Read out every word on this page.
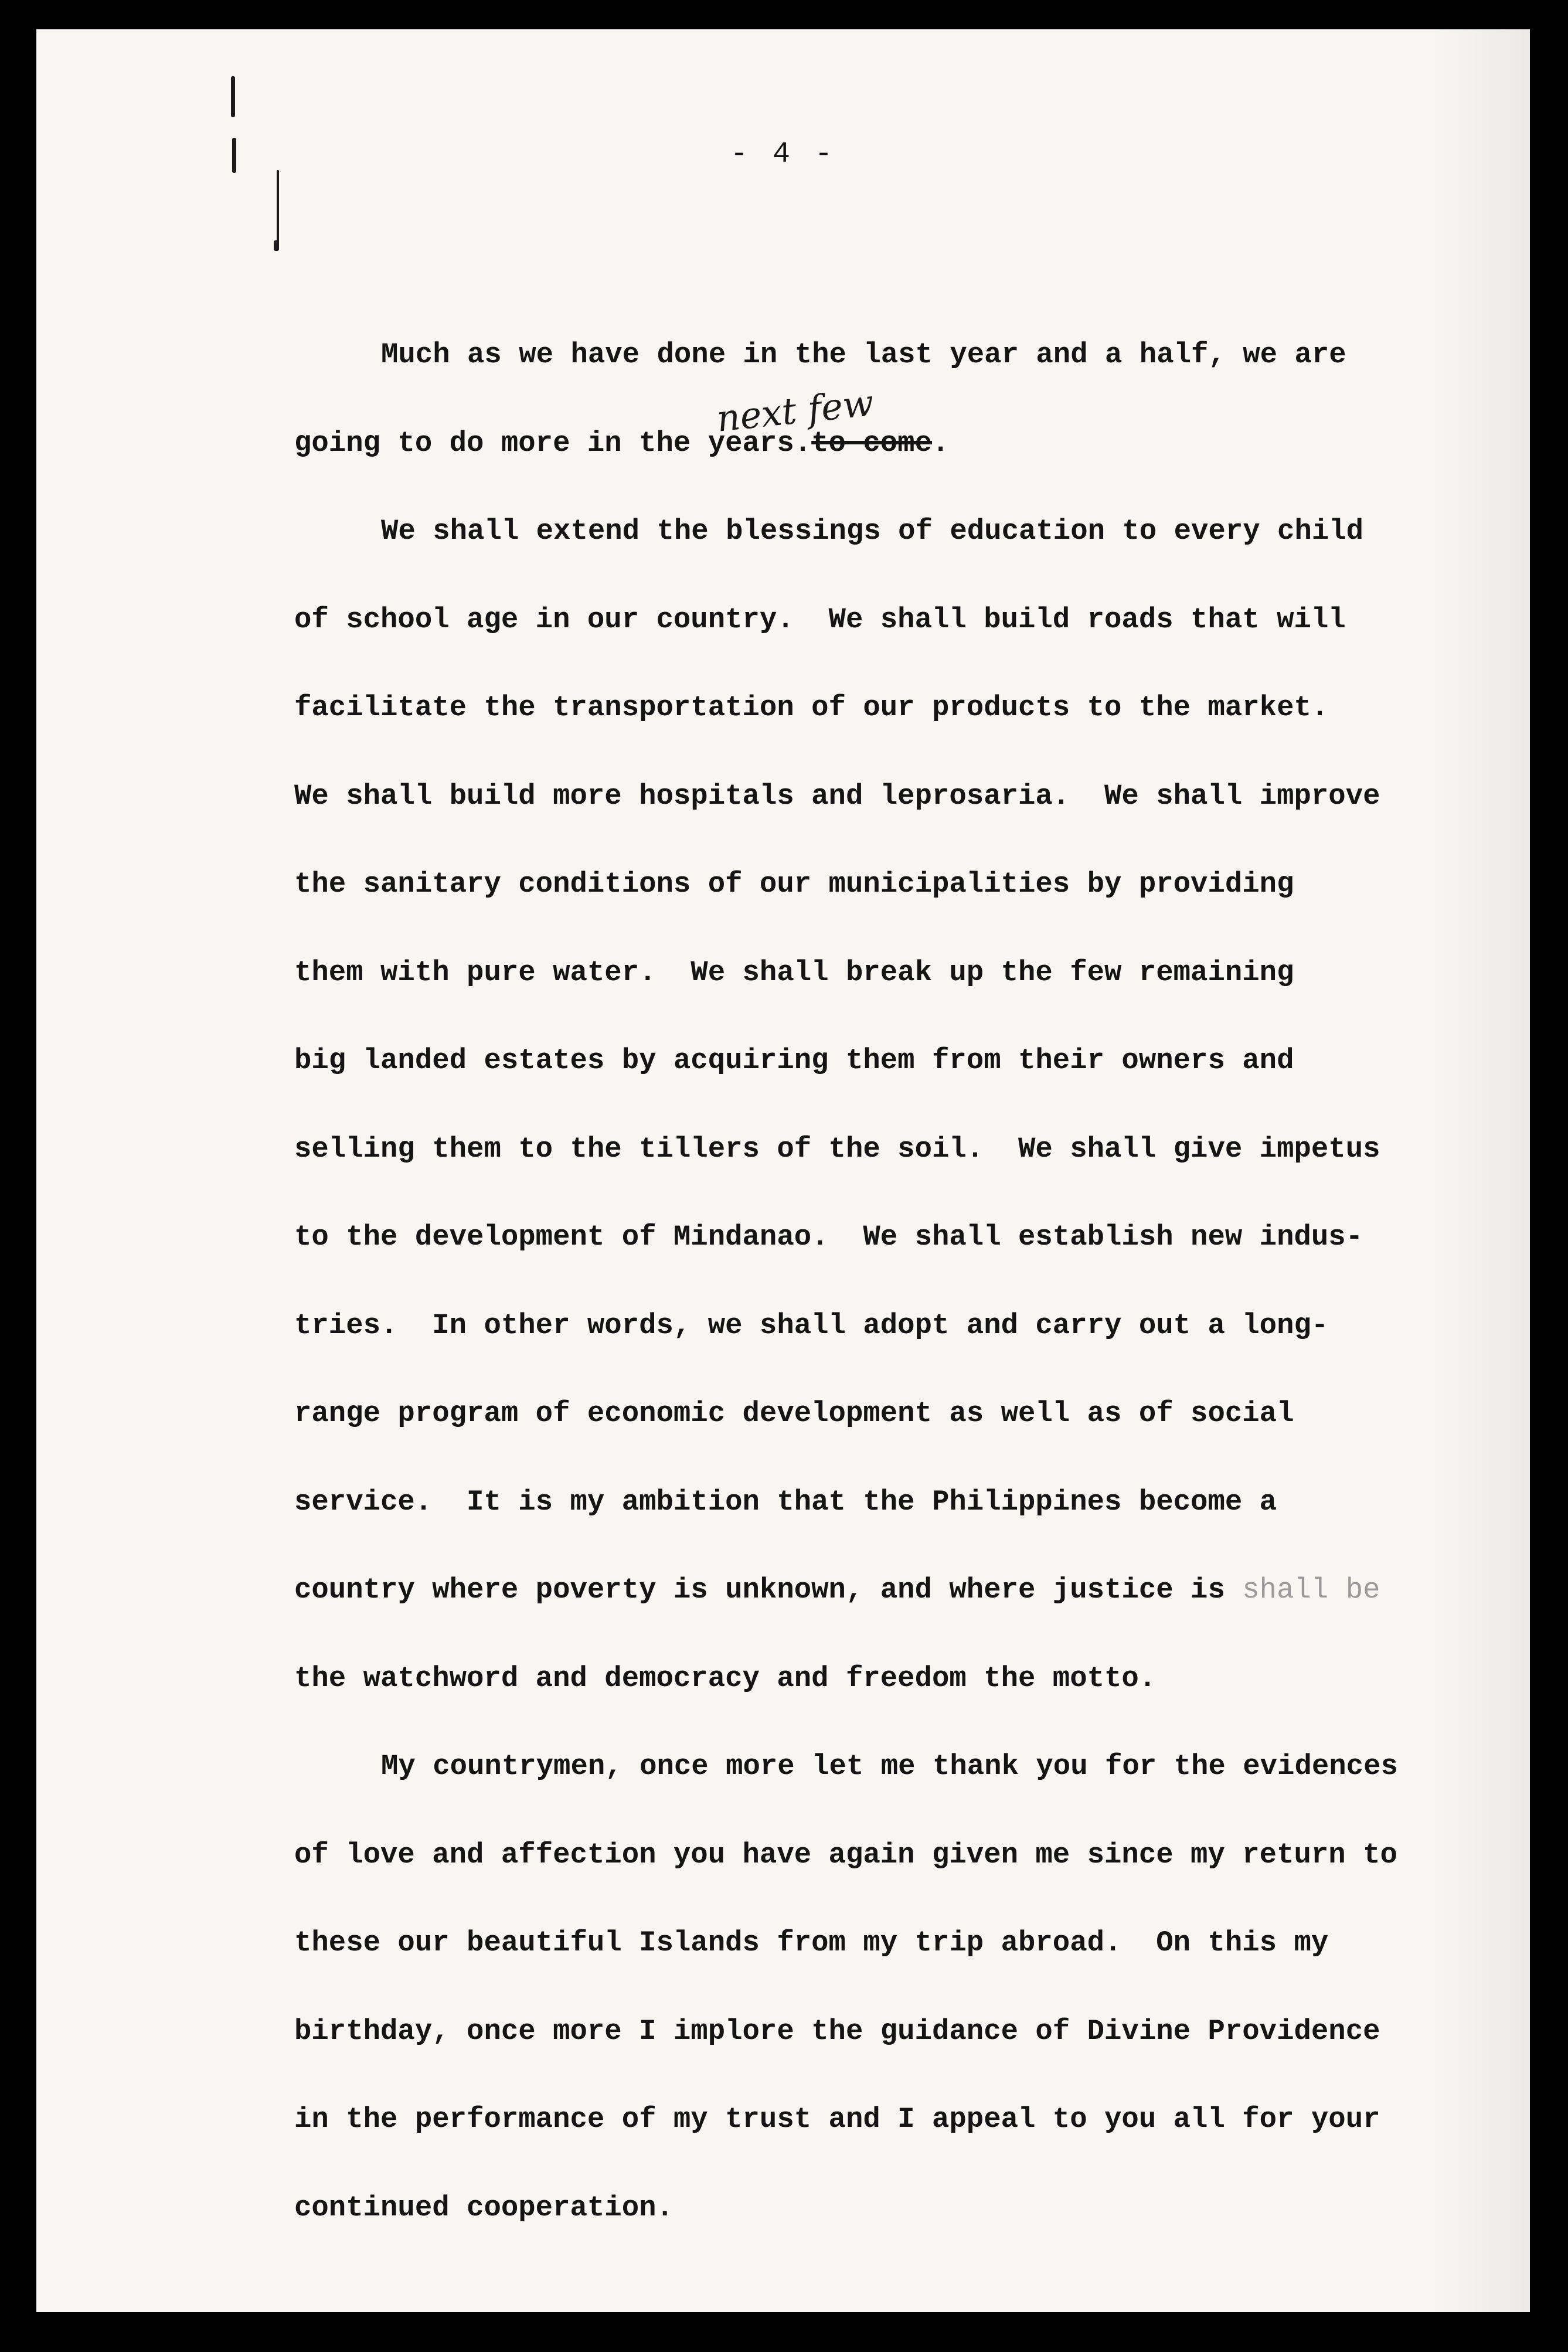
- 4 -
next few
Much as we have done in the last year and a half, we are
going to do more in the years.to come.
We shall extend the blessings of education to every child
of school age in our country.  We shall build roads that will
facilitate the transportation of our products to the market.
We shall build more hospitals and leprosaria.  We shall improve
the sanitary conditions of our municipalities by providing
them with pure water.  We shall break up the few remaining
big landed estates by acquiring them from their owners and
selling them to the tillers of the soil.  We shall give impetus
to the development of Mindanao.  We shall establish new indus-
tries.  In other words, we shall adopt and carry out a long-
range program of economic development as well as of social
service.  It is my ambition that the Philippines become a
country where poverty is unknown, and where justice is shall be
the watchword and democracy and freedom the motto.
My countrymen, once more let me thank you for the evidences
of love and affection you have again given me since my return to
these our beautiful Islands from my trip abroad.  On this my
birthday, once more I implore the guidance of Divine Providence
in the performance of my trust and I appeal to you all for your
continued cooperation.
